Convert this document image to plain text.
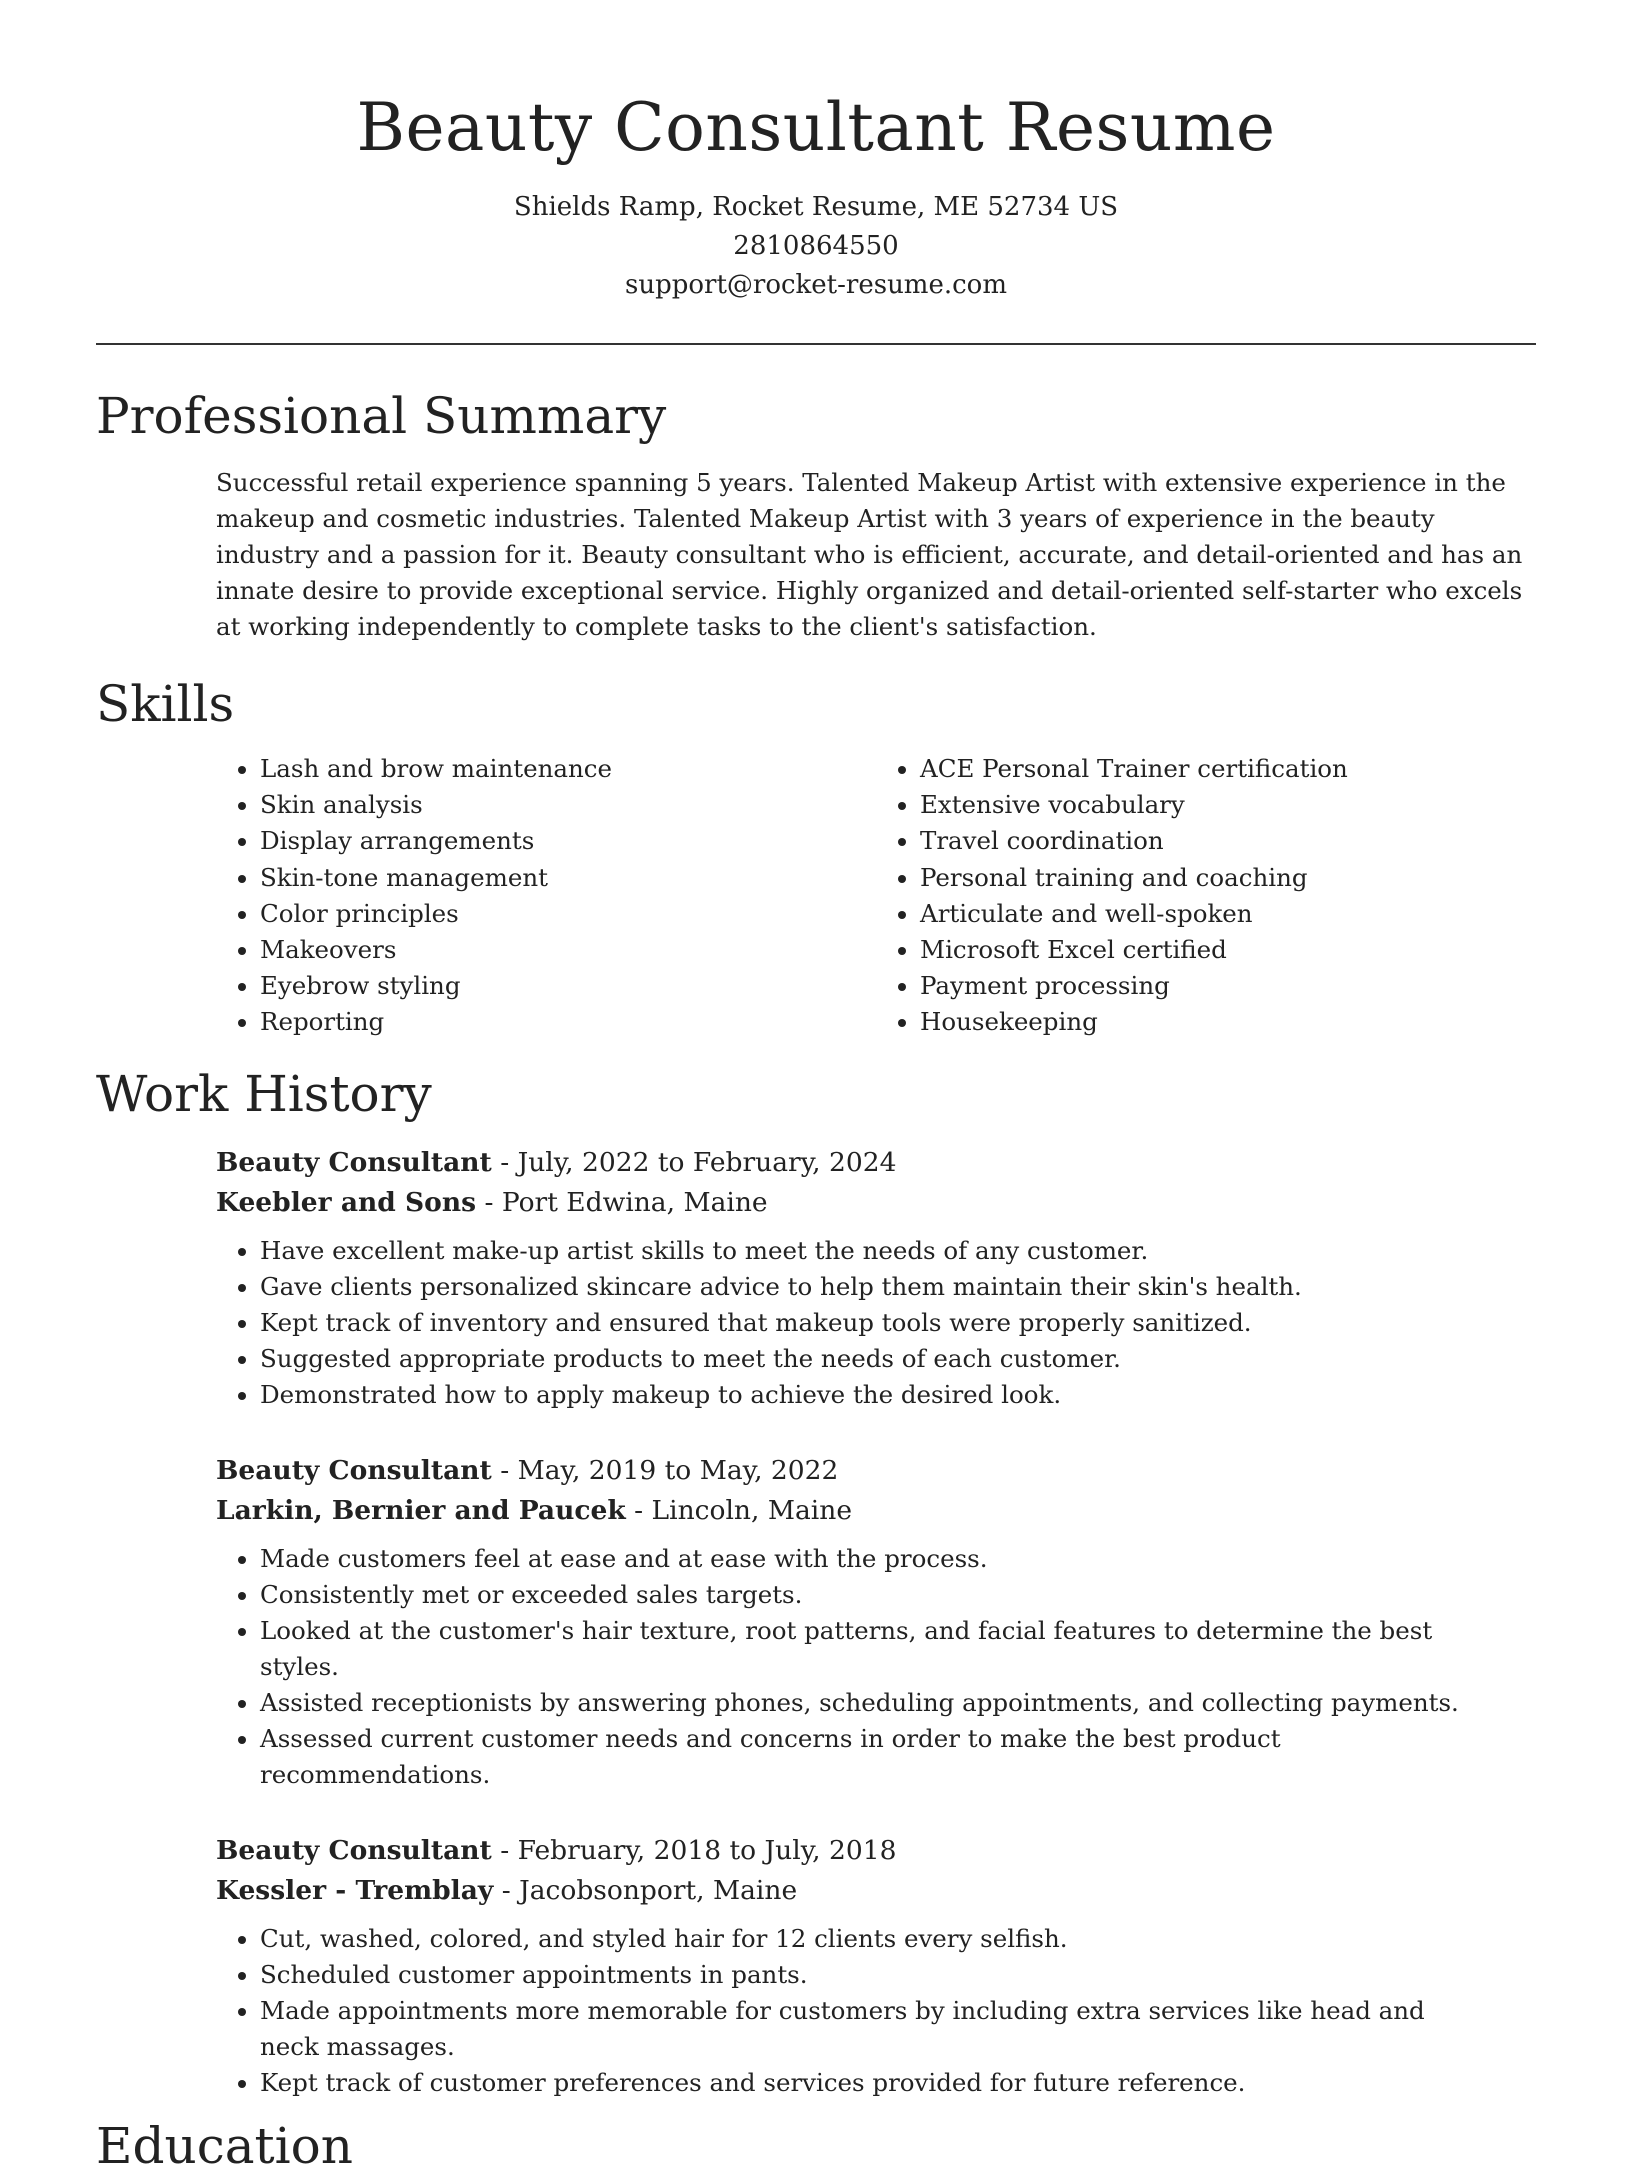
Beauty Consultant Resume
Shields Ramp, Rocket Resume, ME 52734 US
2810864550
support@rocket-resume.com
Professional Summary
Successful retail experience spanning 5 years. Talented Makeup Artist with extensive experience in the makeup and cosmetic industries. Talented Makeup Artist with 3 years of experience in the beauty industry and a passion for it. Beauty consultant who is efficient, accurate, and detail-oriented and has an innate desire to provide exceptional service. Highly organized and detail-oriented self-starter who excels at working independently to complete tasks to the client's satisfaction.
Skills
• Lash and brow maintenance
• Skin analysis
• Display arrangements
• Skin-tone management
• Color principles
• Makeovers
• Eyebrow styling
• Reporting
• ACE Personal Trainer certification
• Extensive vocabulary
• Travel coordination
• Personal training and coaching
• Articulate and well-spoken
• Microsoft Excel certified
• Payment processing
• Housekeeping
Work History
Beauty Consultant - July, 2022 to February, 2024
Keebler and Sons - Port Edwina, Maine
• Have excellent make-up artist skills to meet the needs of any customer.
• Gave clients personalized skincare advice to help them maintain their skin's health.
• Kept track of inventory and ensured that makeup tools were properly sanitized.
• Suggested appropriate products to meet the needs of each customer.
• Demonstrated how to apply makeup to achieve the desired look.
Beauty Consultant - May, 2019 to May, 2022
Larkin, Bernier and Paucek - Lincoln, Maine
• Made customers feel at ease and at ease with the process.
• Consistently met or exceeded sales targets.
• Looked at the customer's hair texture, root patterns, and facial features to determine the best styles.
• Assisted receptionists by answering phones, scheduling appointments, and collecting payments.
• Assessed current customer needs and concerns in order to make the best product recommendations.
Beauty Consultant - February, 2018 to July, 2018
Kessler - Tremblay - Jacobsonport, Maine
• Cut, washed, colored, and styled hair for 12 clients every selfish.
• Scheduled customer appointments in pants.
• Made appointments more memorable for customers by including extra services like head and neck massages.
• Kept track of customer preferences and services provided for future reference.
Education
